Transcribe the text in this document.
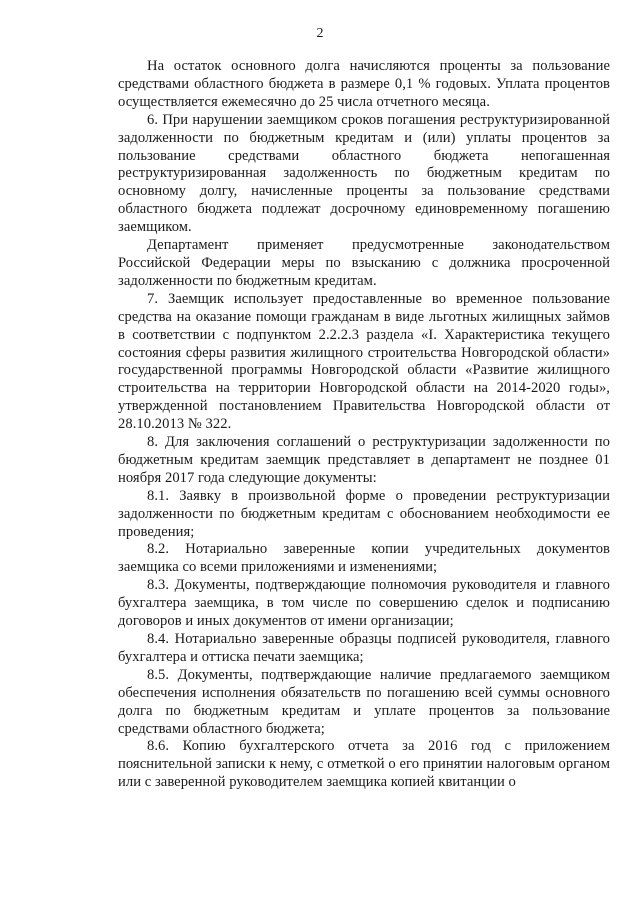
2

На остаток основного долга начисляются проценты за пользование средствами областного бюджета в размере 0,1 % годовых. Уплата процентов осуществляется ежемесячно до 25 числа отчетного месяца.

6. При нарушении заемщиком сроков погашения реструктуризированной задолженности по бюджетным кредитам и (или) уплаты процентов за пользование средствами областного бюджета непогашенная реструктуризированная задолженность по бюджетным кредитам по основному долгу, начисленные проценты за пользование средствами областного бюджета подлежат досрочному единовременному погашению заемщиком.

Департамент применяет предусмотренные законодательством Российской Федерации меры по взысканию с должника просроченной задолженности по бюджетным кредитам.

7. Заемщик использует предоставленные во временное пользование средства на оказание помощи гражданам в виде льготных жилищных займов в соответствии с подпунктом 2.2.2.3 раздела «I. Характеристика текущего состояния сферы развития жилищного строительства Новгородской области» государственной программы Новгородской области «Развитие жилищного строительства на территории Новгородской области на 2014-2020 годы», утвержденной постановлением Правительства Новгородской области от 28.10.2013 № 322.

8. Для заключения соглашений о реструктуризации задолженности по бюджетным кредитам заемщик представляет в департамент не позднее 01 ноября 2017 года следующие документы:

8.1. Заявку в произвольной форме о проведении реструктуризации задолженности по бюджетным кредитам с обоснованием необходимости ее проведения;

8.2. Нотариально заверенные копии учредительных документов заемщика со всеми приложениями и изменениями;

8.3. Документы, подтверждающие полномочия руководителя и главного бухгалтера заемщика, в том числе по совершению сделок и подписанию договоров и иных документов от имени организации;

8.4. Нотариально заверенные образцы подписей руководителя, главного бухгалтера и оттиска печати заемщика;

8.5. Документы, подтверждающие наличие предлагаемого заемщиком обеспечения исполнения обязательств по погашению всей суммы основного долга по бюджетным кредитам и уплате процентов за пользование средствами областного бюджета;

8.6. Копию бухгалтерского отчета за 2016 год с приложением пояснительной записки к нему, с отметкой о его принятии налоговым органом или с заверенной руководителем заемщика копией квитанции о
